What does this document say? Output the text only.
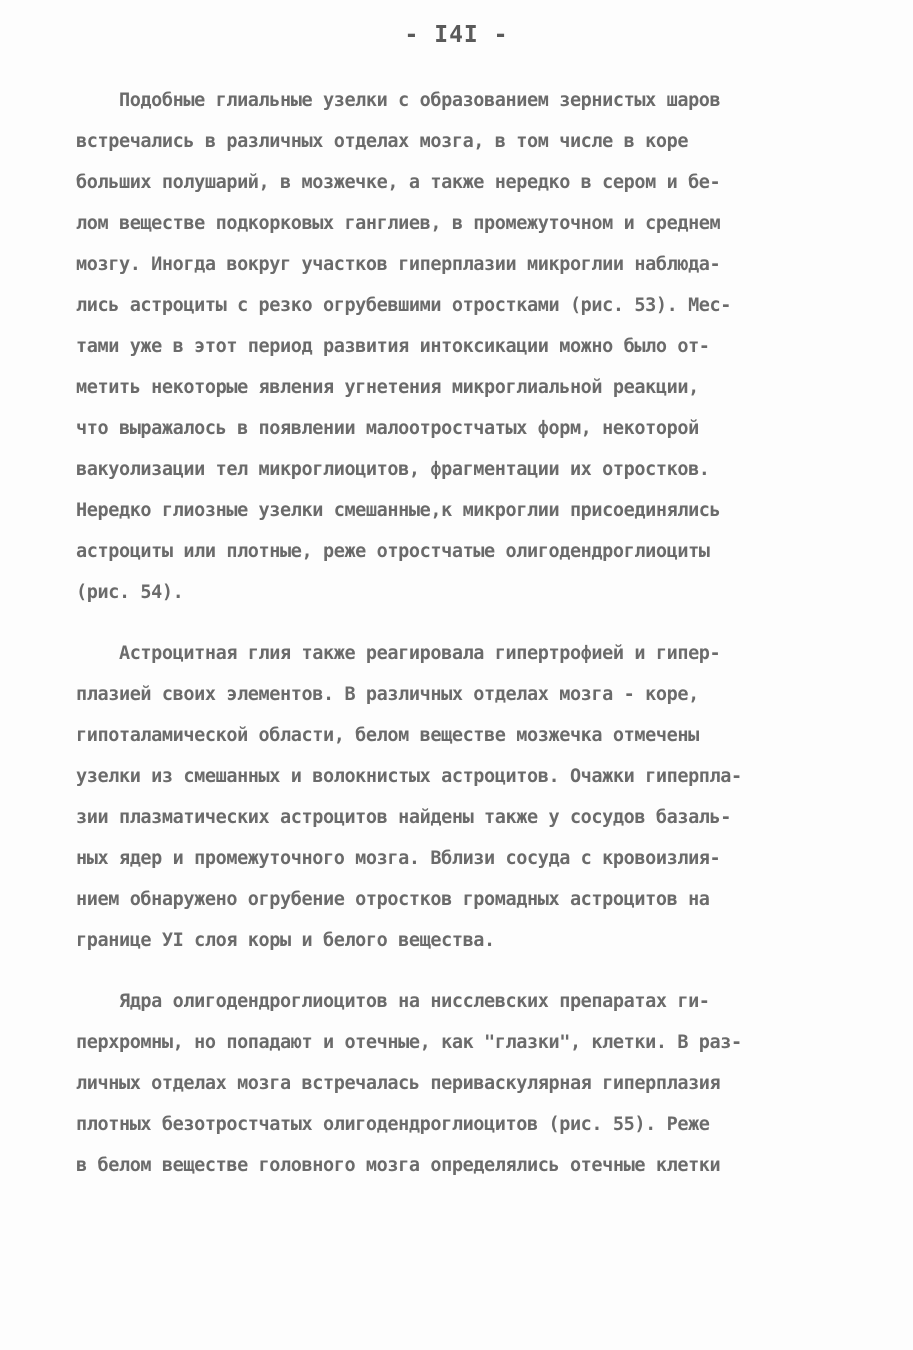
- I4I -
Подобные глиальные узелки с образованием зернистых шаров
встречались в различных отделах мозга, в том числе в коре
больших полушарий, в мозжечке, а также нередко в сером и бе-
лом веществе подкорковых ганглиев, в промежуточном и среднем
мозгу. Иногда вокруг участков гиперплазии микроглии наблюда-
лись астроциты с резко огрубевшими отростками (рис. 53). Мес-
тами уже в этот период развития интоксикации можно было от-
метить некоторые явления угнетения микроглиальной реакции,
что выражалось в появлении малоотростчатых форм, некоторой
вакуолизации тел микроглиоцитов, фрагментации их отростков.
Нередко глиозные узелки смешанные,к микроглии присоединялись
астроциты или плотные, реже отростчатые олигодендроглиоциты
(рис. 54).
Астроцитная глия также реагировала гипертрофией и гипер-
плазией своих элементов. В различных отделах мозга - коре,
гипоталамической области, белом веществе мозжечка отмечены
узелки из смешанных и волокнистых астроцитов. Очажки гиперпла-
зии плазматических астроцитов найдены также у сосудов базаль-
ных ядер и промежуточного мозга. Вблизи сосуда с кровоизлия-
нием обнаружено огрубение отростков громадных астроцитов на
границе УI слоя коры и белого вещества.
Ядра олигодендроглиоцитов на нисслевских препаратах ги-
перхромны, но попадают и отечные, как "глазки", клетки. В раз-
личных отделах мозга встречалась периваскулярная гиперплазия
плотных безотростчатых олигодендроглиоцитов (рис. 55). Реже
в белом веществе головного мозга определялись отечные клетки
